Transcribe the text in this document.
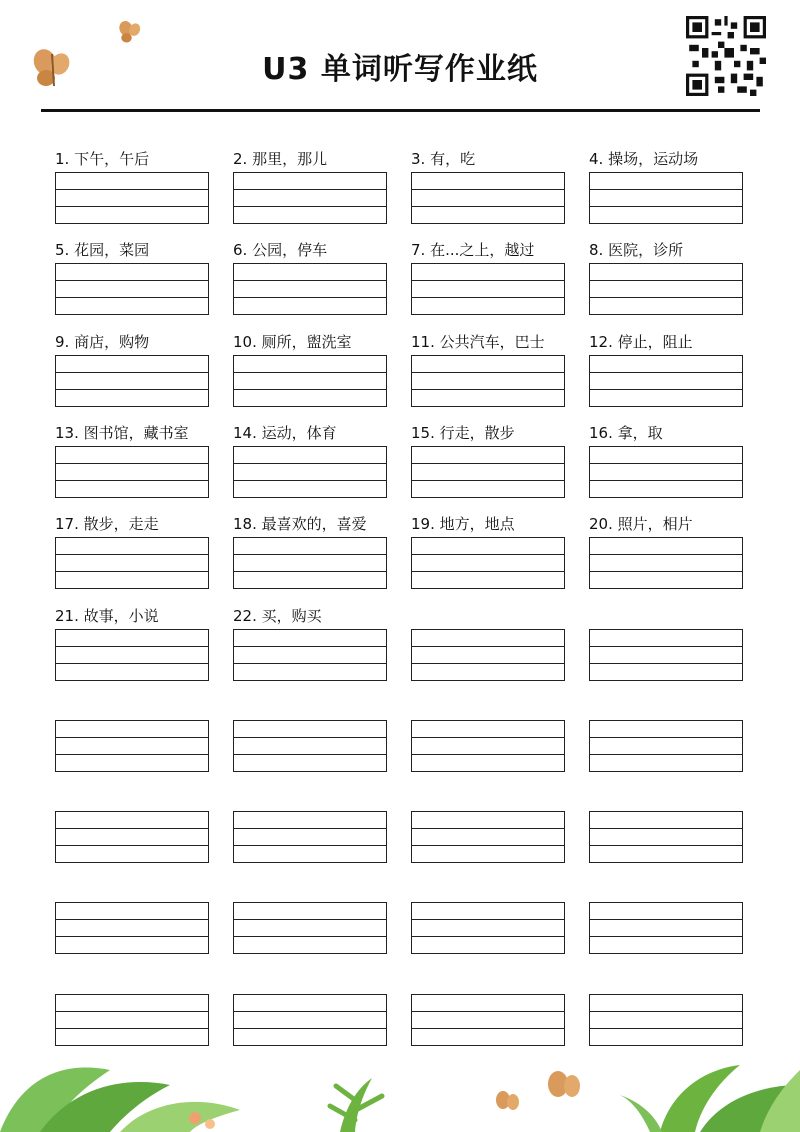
U3 单词听写作业纸
1. 下午，午后	2. 那里，那儿	3. 有，吃	4. 操场，运动场
5. 花园，菜园	6. 公园，停车	7. 在...之上，越过	8. 医院，诊所
9. 商店，购物	10. 厕所，盥洗室	11. 公共汽车，巴士	12. 停止，阻止
13. 图书馆，藏书室	14. 运动，体育	15. 行走，散步	16. 拿，取
17. 散步，走走	18. 最喜欢的，喜爱	19. 地方，地点	20. 照片，相片
21. 故事，小说	22. 买，购买
